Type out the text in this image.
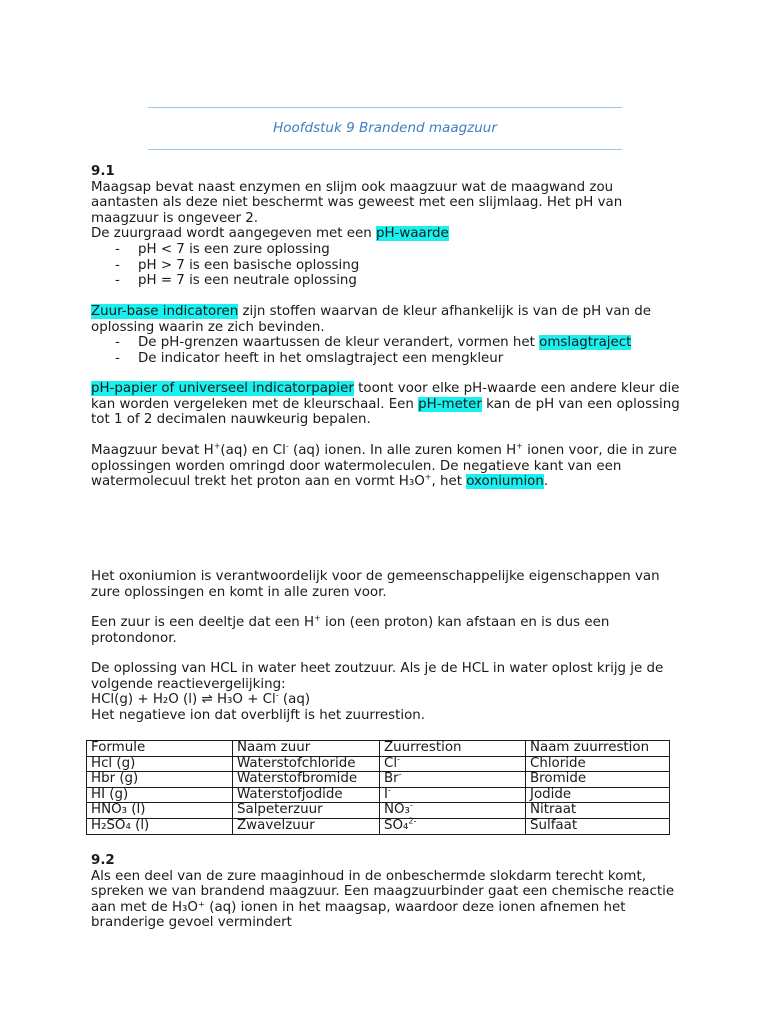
Hoofdstuk 9 Brandend maagzuur
9.1

Maagsap bevat naast enzymen en slijm ook maagzuur wat de maagwand zou aantasten als deze niet beschermt was geweest met een slijmlaag. Het pH van maagzuur is ongeveer 2.

De zuurgraad wordt aangegeven met een pH-waarde

- pH < 7 is een zure oplossing
- pH > 7 is een basische oplossing
- pH = 7 is een neutrale oplossing

Zuur-base indicatoren zijn stoffen waarvan de kleur afhankelijk is van de pH van de oplossing waarin ze zich bevinden.

- De pH-grenzen waartussen de kleur verandert, vormen het omslagtraject
- De indicator heeft in het omslagtraject een mengkleur

pH-papier of universeel indicatorpapier toont voor elke pH-waarde een andere kleur die kan worden vergeleken met de kleurschaal. Een pH-meter kan de pH van een oplossing tot 1 of 2 decimalen nauwkeurig bepalen.

Maagzuur bevat H+(aq) en Cl- (aq) ionen. In alle zuren komen H+ ionen voor, die in zure oplossingen worden omringd door watermoleculen. De negatieve kant van een watermolecuul trekt het proton aan en vormt H₃O+, het oxoniumion.

Het oxoniumion is verantwoordelijk voor de gemeenschappelijke eigenschappen van zure oplossingen en komt in alle zuren voor.

Een zuur is een deeltje dat een H+ ion (een proton) kan afstaan en is dus een protondonor.

De oplossing van HCL in water heet zoutzuur. Als je de HCL in water oplost krijg je de volgende reactievergelijking:

HCl(g) + H₂O (l) ⇌ H₃O + Cl- (aq)

Het negatieve ion dat overblijft is het zuurrestion.

Formule	Naam zuur	Zuurrestion	Naam zuurrestion
Hcl (g)	Waterstofchloride	Cl-	Chloride
Hbr (g)	Waterstofbromide	Br-	Bromide
HI (g)	Waterstofjodide	I-	Jodide
HNO₃ (l)	Salpeterzuur	NO₃-	Nitraat
H₂SO₄ (l)	Zwavelzuur	SO₄$^{2-}$	Sulfaat
9.2

Als een deel van de zure maaginhoud in de onbeschermde slokdarm terecht komt, spreken we van brandend maagzuur. Een maagzuurbinder gaat een chemische reactie aan met de H₃O⁺ (aq) ionen in het maagsap, waardoor deze ionen afnemen het branderige gevoel vermindert
